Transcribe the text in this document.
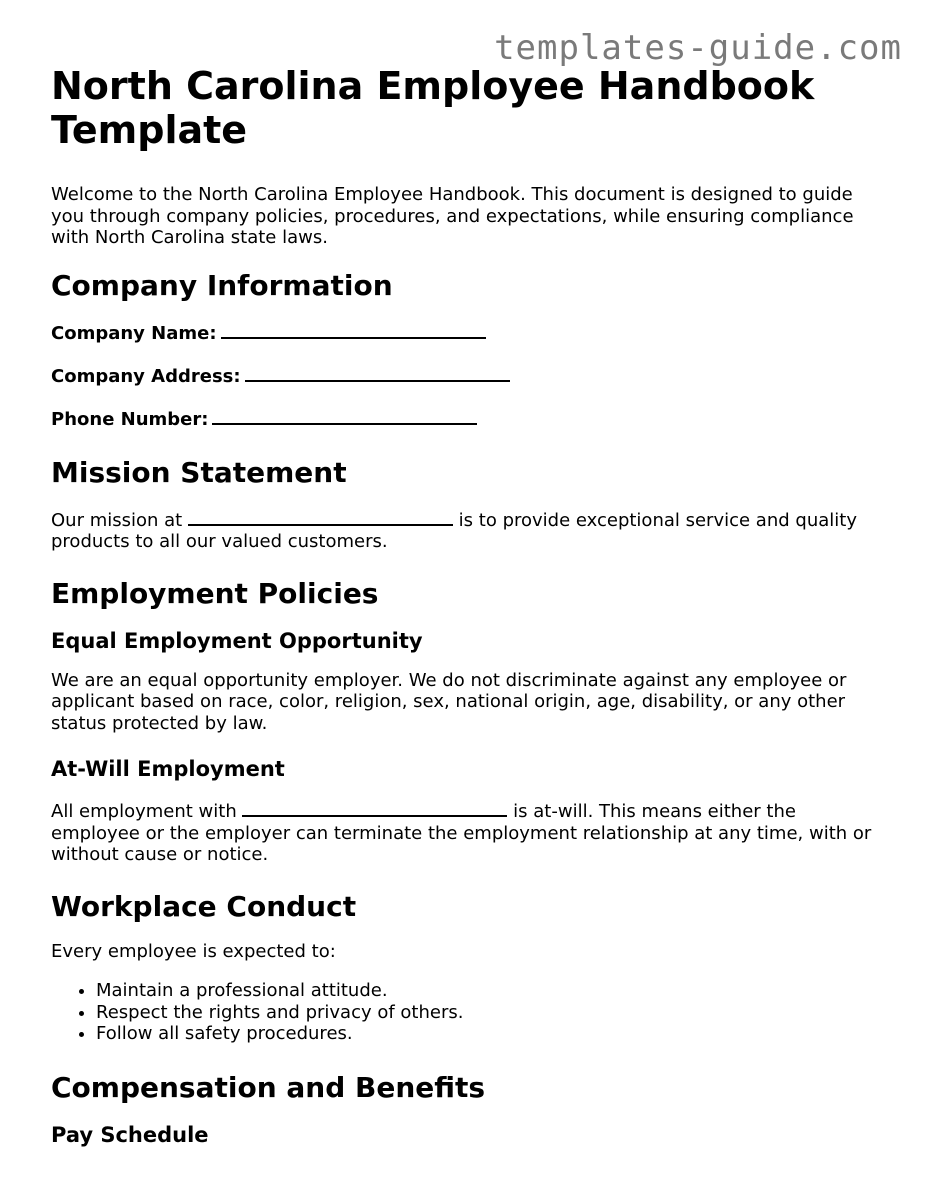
templates-guide.com
North Carolina Employee Handbook Template

Welcome to the North Carolina Employee Handbook. This document is designed to guide you through company policies, procedures, and expectations, while ensuring compliance with North Carolina state laws.

Company Information
Company Name:
Company Address:
Phone Number:
Mission Statement

Our mission at	is to provide exceptional service and quality products to all our valued customers.

Employment Policies
Equal Employment Opportunity

We are an equal opportunity employer. We do not discriminate against any employee or applicant based on race, color, religion, sex, national origin, age, disability, or any other status protected by law.

At-Will Employment

All employment with	is at-will. This means either the employee or the employer can terminate the employment relationship at any time, with or without cause or notice.

Workplace Conduct

Every employee is expected to:

• Maintain a professional attitude.
• Respect the rights and privacy of others.
• Follow all safety procedures.
Compensation and Benefits
Pay Schedule
